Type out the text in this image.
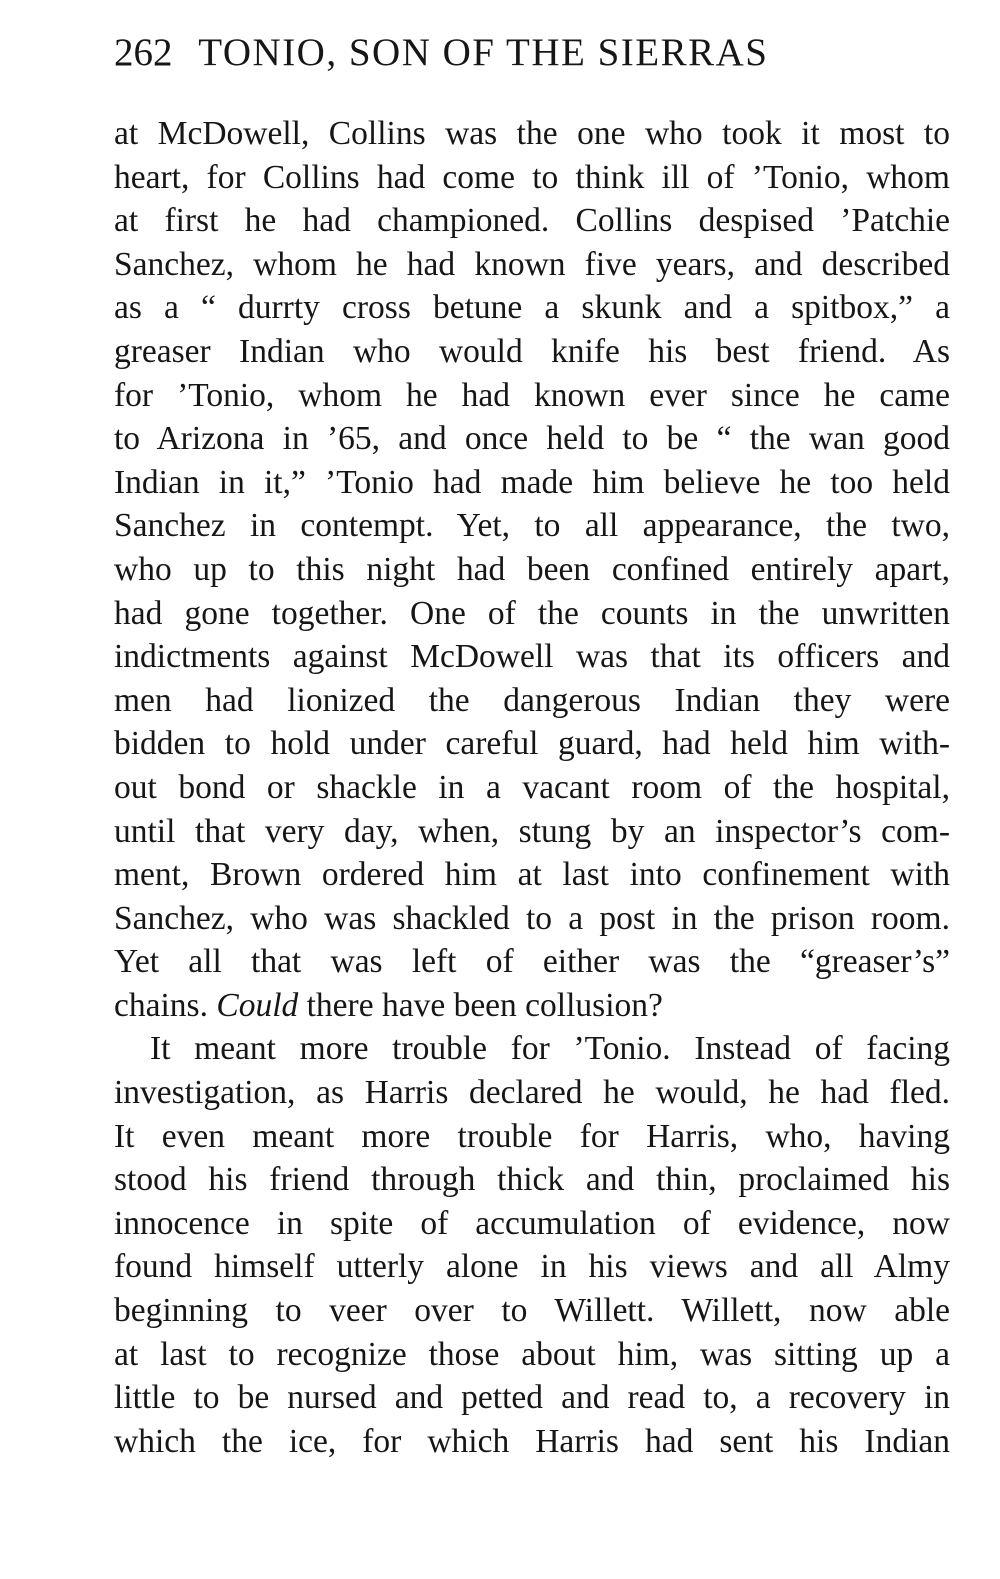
262 TONIO, SON OF THE SIERRAS
at McDowell, Collins was the one who took it most to
heart, for Collins had come to think ill of ’Tonio, whom
at first he had championed. Collins despised ’Patchie
Sanchez, whom he had known five years, and described
as a “ durrty cross betune a skunk and a spitbox,” a
greaser Indian who would knife his best friend. As
for ’Tonio, whom he had known ever since he came
to Arizona in ’65, and once held to be “ the wan good
Indian in it,” ’Tonio had made him believe he too held
Sanchez in contempt. Yet, to all appearance, the two,
who up to this night had been confined entirely apart,
had gone together. One of the counts in the unwritten
indictments against McDowell was that its officers and
men had lionized the dangerous Indian they were
bidden to hold under careful guard, had held him with-
out bond or shackle in a vacant room of the hospital,
until that very day, when, stung by an inspector’s com-
ment, Brown ordered him at last into confinement with
Sanchez, who was shackled to a post in the prison room.
Yet all that was left of either was the “greaser’s”
chains. Could there have been collusion?
It meant more trouble for ’Tonio. Instead of facing
investigation, as Harris declared he would, he had fled.
It even meant more trouble for Harris, who, having
stood his friend through thick and thin, proclaimed his
innocence in spite of accumulation of evidence, now
found himself utterly alone in his views and all Almy
beginning to veer over to Willett. Willett, now able
at last to recognize those about him, was sitting up a
little to be nursed and petted and read to, a recovery in
which the ice, for which Harris had sent his Indian
